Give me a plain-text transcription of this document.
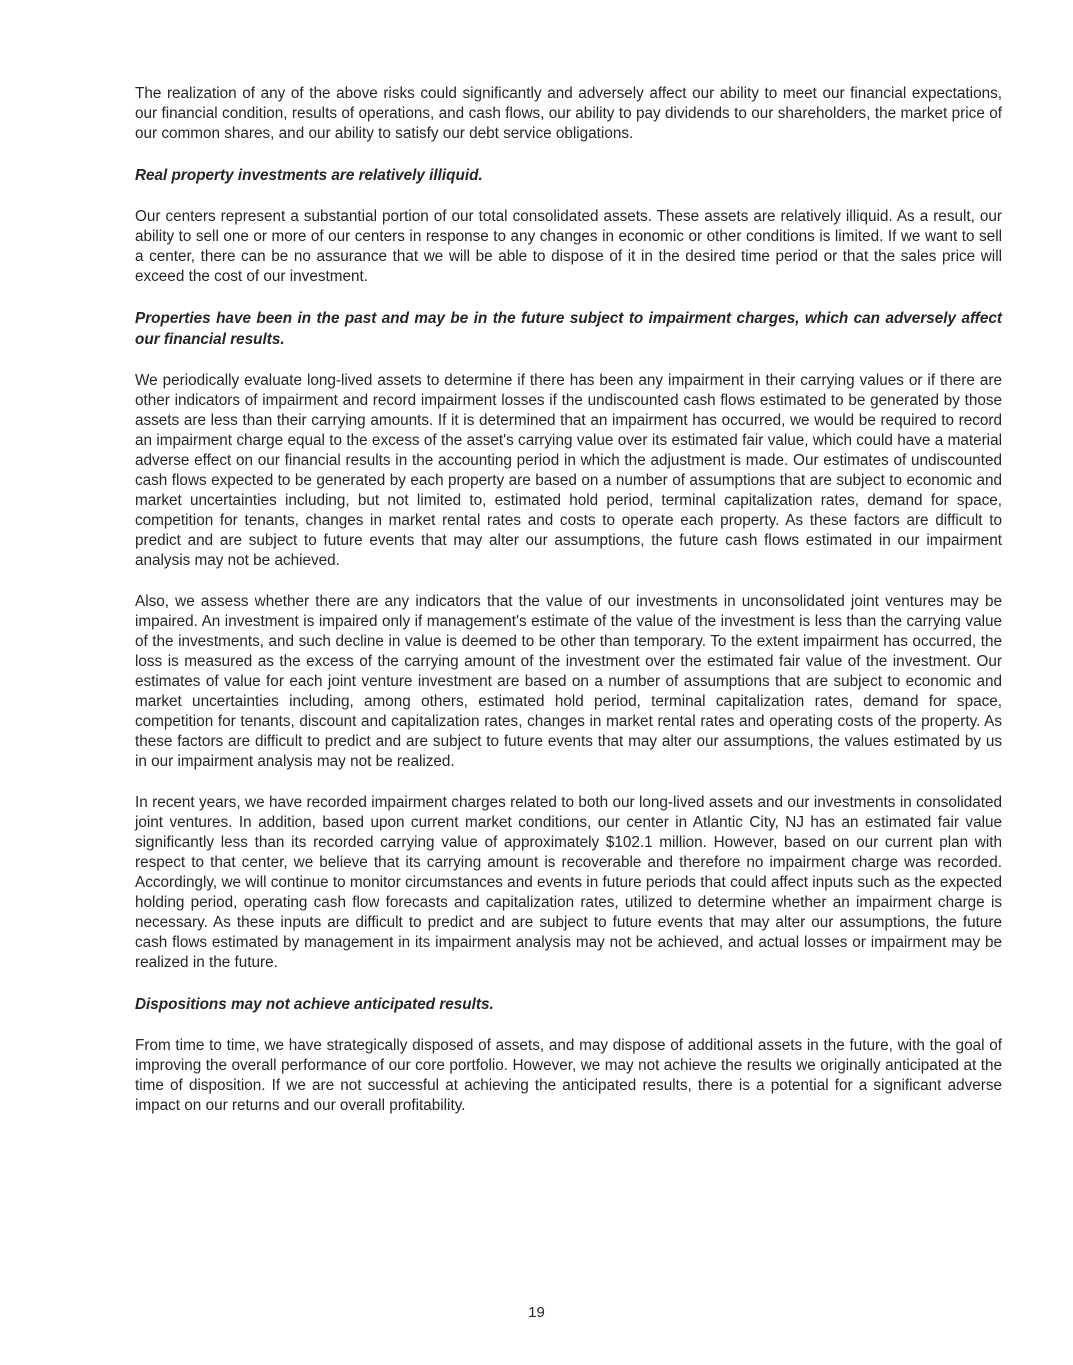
The realization of any of the above risks could significantly and adversely affect our ability to meet our financial expectations, our financial condition, results of operations, and cash flows, our ability to pay dividends to our shareholders, the market price of our common shares, and our ability to satisfy our debt service obligations.

Real property investments are relatively illiquid.

Our centers represent a substantial portion of our total consolidated assets. These assets are relatively illiquid. As a result, our ability to sell one or more of our centers in response to any changes in economic or other conditions is limited. If we want to sell a center, there can be no assurance that we will be able to dispose of it in the desired time period or that the sales price will exceed the cost of our investment.

Properties have been in the past and may be in the future subject to impairment charges, which can adversely affect our financial results.

We periodically evaluate long-lived assets to determine if there has been any impairment in their carrying values or if there are other indicators of impairment and record impairment losses if the undiscounted cash flows estimated to be generated by those assets are less than their carrying amounts. If it is determined that an impairment has occurred, we would be required to record an impairment charge equal to the excess of the asset's carrying value over its estimated fair value, which could have a material adverse effect on our financial results in the accounting period in which the adjustment is made. Our estimates of undiscounted cash flows expected to be generated by each property are based on a number of assumptions that are subject to economic and market uncertainties including, but not limited to, estimated hold period, terminal capitalization rates, demand for space, competition for tenants, changes in market rental rates and costs to operate each property. As these factors are difficult to predict and are subject to future events that may alter our assumptions, the future cash flows estimated in our impairment analysis may not be achieved.

Also, we assess whether there are any indicators that the value of our investments in unconsolidated joint ventures may be impaired. An investment is impaired only if management's estimate of the value of the investment is less than the carrying value of the investments, and such decline in value is deemed to be other than temporary. To the extent impairment has occurred, the loss is measured as the excess of the carrying amount of the investment over the estimated fair value of the investment. Our estimates of value for each joint venture investment are based on a number of assumptions that are subject to economic and market uncertainties including, among others, estimated hold period, terminal capitalization rates, demand for space, competition for tenants, discount and capitalization rates, changes in market rental rates and operating costs of the property. As these factors are difficult to predict and are subject to future events that may alter our assumptions, the values estimated by us in our impairment analysis may not be realized.

In recent years, we have recorded impairment charges related to both our long-lived assets and our investments in consolidated joint ventures. In addition, based upon current market conditions, our center in Atlantic City, NJ has an estimated fair value significantly less than its recorded carrying value of approximately $102.1 million. However, based on our current plan with respect to that center, we believe that its carrying amount is recoverable and therefore no impairment charge was recorded. Accordingly, we will continue to monitor circumstances and events in future periods that could affect inputs such as the expected holding period, operating cash flow forecasts and capitalization rates, utilized to determine whether an impairment charge is necessary. As these inputs are difficult to predict and are subject to future events that may alter our assumptions, the future cash flows estimated by management in its impairment analysis may not be achieved, and actual losses or impairment may be realized in the future.

Dispositions may not achieve anticipated results.

From time to time, we have strategically disposed of assets, and may dispose of additional assets in the future, with the goal of improving the overall performance of our core portfolio. However, we may not achieve the results we originally anticipated at the time of disposition. If we are not successful at achieving the anticipated results, there is a potential for a significant adverse impact on our returns and our overall profitability.

19
